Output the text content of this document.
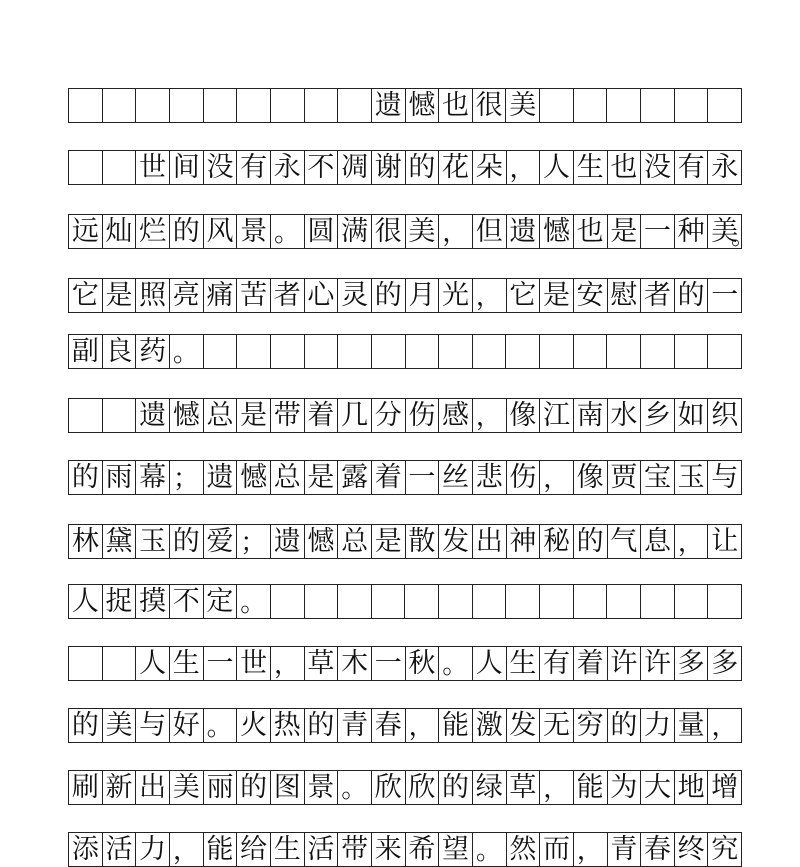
遗 憾 也 很 美
世 间 没 有 永 不 凋 谢 的 花 朵 ， 人 生 也 没 有 永
远 灿 烂 的 风 景 。 圆 满 很 美 ， 但 遗 憾 也 是 一 种 美
。
它 是 照 亮 痛 苦 者 心 灵 的 月 光 ， 它 是 安 慰 者 的 一
副 良 药 。
遗 憾 总 是 带 着 几 分 伤 感 ， 像 江 南 水 乡 如 织
的 雨 幕 ； 遗 憾 总 是 露 着 一 丝 悲 伤 ， 像 贾 宝 玉 与
林 黛 玉 的 爱 ； 遗 憾 总 是 散 发 出 神 秘 的 气 息 ， 让
人 捉 摸 不 定 。
人 生 一 世 ， 草 木 一 秋 。 人 生 有 着 许 许 多 多
的 美 与 好 。 火 热 的 青 春 ， 能 激 发 无 穷 的 力 量 ，
刷 新 出 美 丽 的 图 景 。 欣 欣 的 绿 草 ， 能 为 大 地 增
添 活 力 ， 能 给 生 活 带 来 希 望 。 然 而 ， 青 春 终 究
